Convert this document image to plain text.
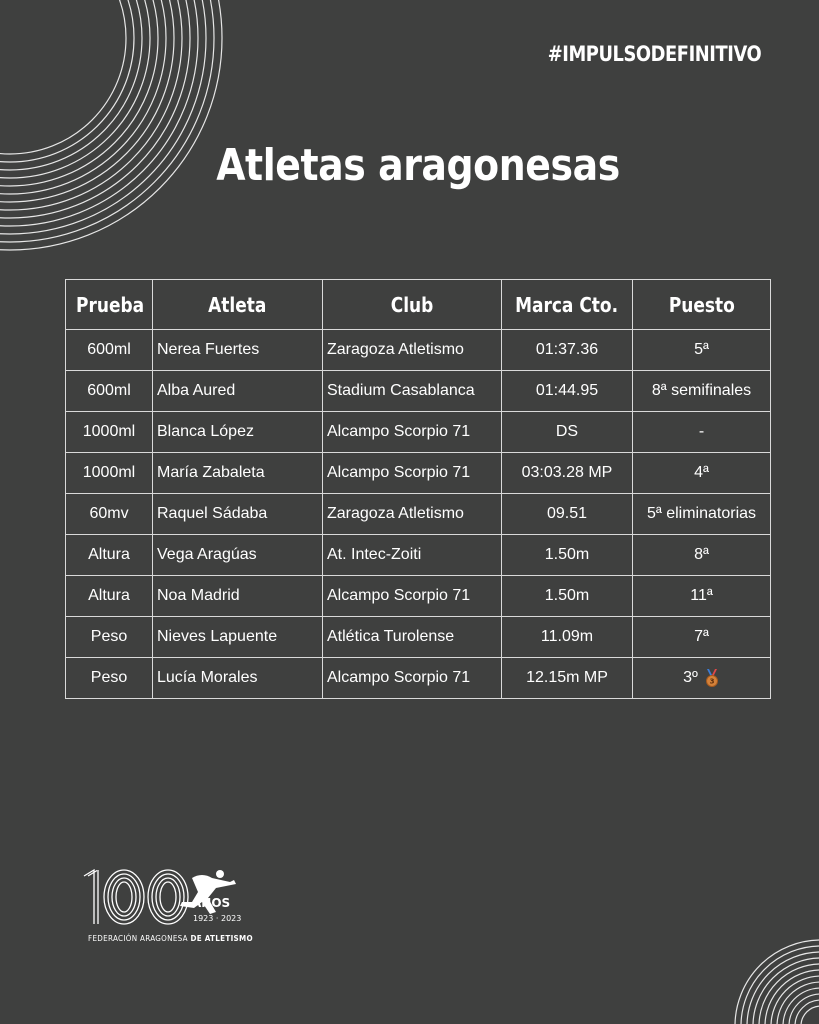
#IMPULSODEFINITIVO
Atletas aragonesas
Prueba	Atleta	Club	Marca Cto.	Puesto
600ml	Nerea Fuertes	Zaragoza Atletismo	01:37.36	5ª
600ml	Alba Aured	Stadium Casablanca	01:44.95	8ª semifinales
1000ml	Blanca López	Alcampo Scorpio 71	DS	-
1000ml	María Zabaleta	Alcampo Scorpio 71	03:03.28 MP	4ª
60mv	Raquel Sádaba	Zaragoza Atletismo	09.51	5ª eliminatorias
Altura	Vega Aragúas	At. Intec-Zoiti	1.50m	8ª
Altura	Noa Madrid	Alcampo Scorpio 71	1.50m	11ª
Peso	Nieves Lapuente	Atlética Turolense	11.09m	7ª
Peso	Lucía Morales	Alcampo Scorpio 71	12.15m MP	3º 3
AÑOS
1923 · 2023
FEDERACIÓN ARAGONESA DE ATLETISMO
